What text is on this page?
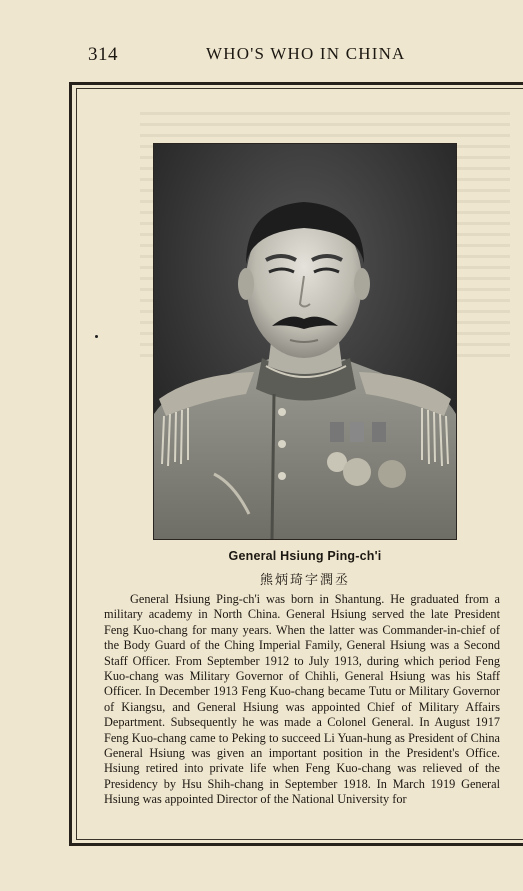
314	WHO'S WHO IN CHINA
General Hsiung Ping-ch'i
熊炳琦字潤丞
General Hsiung Ping-ch'i was born in Shantung. He graduated from a military academy in North China. General Hsiung served the late President Feng Kuo-chang for many years. When the latter was Commander-in-chief of the Body Guard of the Ching Imperial Family, General Hsiung was a Second Staff Officer. From September 1912 to July 1913, during which period Feng Kuo-chang was Military Governor of Chihli, General Hsiung was his Staff Officer. In December 1913 Feng Kuo-chang became Tutu or Military Governor of Kiangsu, and General Hsiung was appointed Chief of Military Affairs Department. Subsequently he was made a Colonel General. In August 1917 Feng Kuo-chang came to Peking to succeed Li Yuan-hung as President of China General Hsiung was given an important position in the President's Office. Hsiung retired into private life when Feng Kuo-chang was relieved of the Presidency by Hsu Shih-chang in September 1918. In March 1919 General Hsiung was appointed Director of the National University for
